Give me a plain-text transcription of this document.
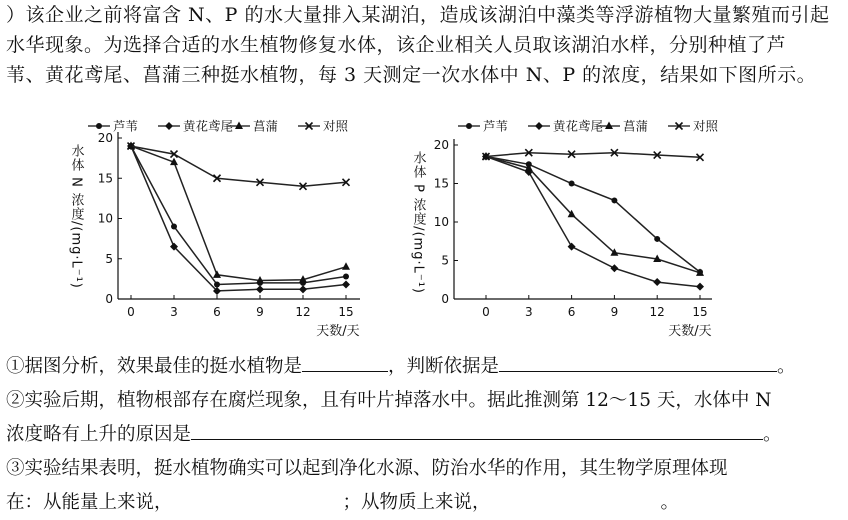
）该企业之前将富含 N、P 的水大量排入某湖泊，造成该湖泊中藻类等浮游植物大量繁殖而引起

水华现象。为选择合适的水生植物修复水体，该企业相关人员取该湖泊水样，分别种植了芦

苇、黄花鸢尾、菖蒲三种挺水植物，每 3 天测定一次水体中 N、P 的浓度，结果如下图所示。

0
5
10
15
20
0	3	6	9	12 15
天数/天
水体 N 浓度/(mg·L⁻¹)
芦苇	黄花鸢尾 菖蒲	对照
0
5
10
15
20
0	3	6	9	12 15
天数/天
水体 P 浓度/(mg·L⁻¹)
芦苇	黄花鸢尾 菖蒲	对照

①据图分析，效果最佳的挺水植物是	，判断依据是	。

②实验后期，植物根部存在腐烂现象，且有叶片掉落水中。据此推测第 12～15 天，水体中 N

浓度略有上升的原因是	。

③实验结果表明，挺水植物确实可以起到净化水源、防治水华的作用，其生物学原理体现

在：从能量上来说，	；从物质上来说，	。
